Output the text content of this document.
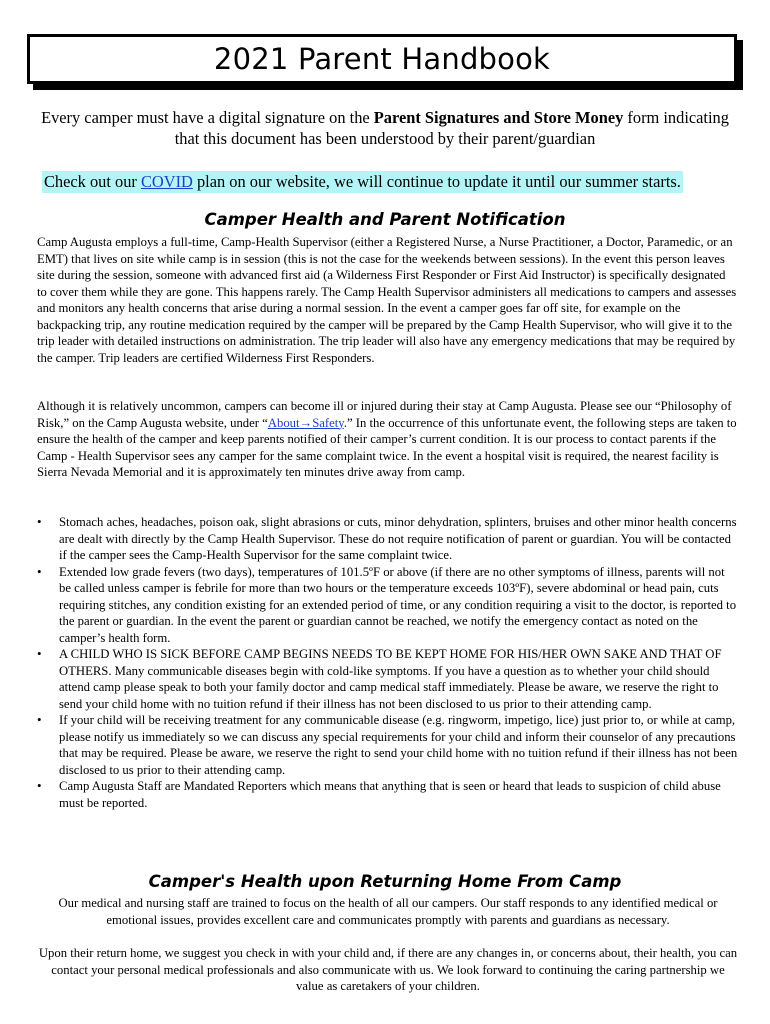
2021 Parent Handbook
Every camper must have a digital signature on the Parent Signatures and Store Money form indicating that this document has been understood by their parent/guardian
Check out our COVID plan on our website, we will continue to update it until our summer starts.
Camper Health and Parent Notification

Camp Augusta employs a full-time, Camp-Health Supervisor (either a Registered Nurse, a Nurse Practitioner, a Doctor, Paramedic, or an EMT) that lives on site while camp is in session (this is not the case for the weekends between sessions). In the event this person leaves site during the session, someone with advanced first aid (a Wilderness First Responder or First Aid Instructor) is specifically designated to cover them while they are gone. This happens rarely. The Camp Health Supervisor administers all medications to campers and assesses and monitors any health concerns that arise during a normal session. In the event a camper goes far off site, for example on the backpacking trip, any routine medication required by the camper will be prepared by the Camp Health Supervisor, who will give it to the trip leader with detailed instructions on administration. The trip leader will also have any emergency medications that may be required by the camper. Trip leaders are certified Wilderness First Responders.

Although it is relatively uncommon, campers can become ill or injured during their stay at Camp Augusta. Please see our “Philosophy of Risk,” on the Camp Augusta website, under “About→Safety.” In the occurrence of this unfortunate event, the following steps are taken to ensure the health of the camper and keep parents notified of their camper’s current condition. It is our process to contact parents if the Camp - Health Supervisor sees any camper for the same complaint twice. In the event a hospital visit is required, the nearest facility is Sierra Nevada Memorial and it is approximately ten minutes drive away from camp.

• Stomach aches, headaches, poison oak, slight abrasions or cuts, minor dehydration, splinters, bruises and other minor health concerns are dealt with directly by the Camp Health Supervisor. These do not require notification of parent or guardian. You will be contacted if the camper sees the Camp-Health Supervisor for the same complaint twice.
• Extended low grade fevers (two days), temperatures of 101.5ºF or above (if there are no other symptoms of illness, parents will not be called unless camper is febrile for more than two hours or the temperature exceeds 103ºF), severe abdominal or head pain, cuts requiring stitches, any condition existing for an extended period of time, or any condition requiring a visit to the doctor, is reported to the parent or guardian. In the event the parent or guardian cannot be reached, we notify the emergency contact as noted on the camper’s health form.
• A CHILD WHO IS SICK BEFORE CAMP BEGINS NEEDS TO BE KEPT HOME FOR HIS/HER OWN SAKE AND THAT OF OTHERS. Many communicable diseases begin with cold-like symptoms. If you have a question as to whether your child should attend camp please speak to both your family doctor and camp medical staff immediately. Please be aware, we reserve the right to send your child home with no tuition refund if their illness has not been disclosed to us prior to their attending camp.
• If your child will be receiving treatment for any communicable disease (e.g. ringworm, impetigo, lice) just prior to, or while at camp, please notify us immediately so we can discuss any special requirements for your child and inform their counselor of any precautions that may be required. Please be aware, we reserve the right to send your child home with no tuition refund if their illness has not been disclosed to us prior to their attending camp.
• Camp Augusta Staff are Mandated Reporters which means that anything that is seen or heard that leads to suspicion of child abuse must be reported.
Camper's Health upon Returning Home From Camp

Our medical and nursing staff are trained to focus on the health of all our campers. Our staff responds to any identified medical or emotional issues, provides excellent care and communicates promptly with parents and guardians as necessary.

Upon their return home, we suggest you check in with your child and, if there are any changes in, or concerns about, their health, you can contact your personal medical professionals and also communicate with us. We look forward to continuing the caring partnership we value as caretakers of your children.
